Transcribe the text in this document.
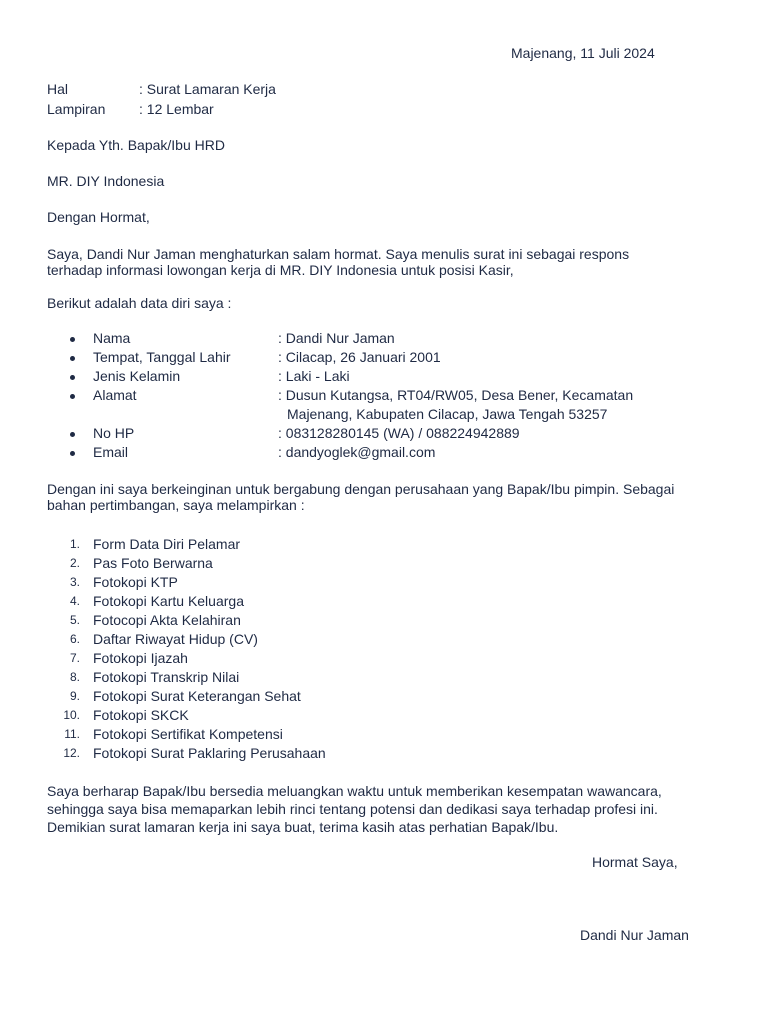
Majenang, 11 Juli 2024
Hal	: Surat Lamaran Kerja
Lampiran : 12 Lembar
Kepada Yth. Bapak/Ibu HRD
MR. DIY Indonesia
Dengan Hormat,
Saya, Dandi Nur Jaman menghaturkan salam hormat. Saya menulis surat ini sebagai respons
terhadap informasi lowongan kerja di MR. DIY Indonesia untuk posisi Kasir,
Berikut adalah data diri saya :
Nama	: Dandi Nur Jaman
Tempat, Tanggal Lahir	: Cilacap, 26 Januari 2001
Jenis Kelamin	: Laki - Laki
Alamat	: Dusun Kutangsa, RT04/RW05, Desa Bener, Kecamatan
Majenang, Kabupaten Cilacap, Jawa Tengah 53257
No HP	: 083128280145 (WA) / 088224942889
Email	: dandyoglek@gmail.com
Dengan ini saya berkeinginan untuk bergabung dengan perusahaan yang Bapak/Ibu pimpin. Sebagai
bahan pertimbangan, saya melampirkan :
1. Form Data Diri Pelamar
2. Pas Foto Berwarna
3. Fotokopi KTP
4. Fotokopi Kartu Keluarga
5. Fotocopi Akta Kelahiran
6. Daftar Riwayat Hidup (CV)
7. Fotokopi Ijazah
8. Fotokopi Transkrip Nilai
9. Fotokopi Surat Keterangan Sehat
10. Fotokopi SKCK
11. Fotokopi Sertifikat Kompetensi
12. Fotokopi Surat Paklaring Perusahaan
Saya berharap Bapak/Ibu bersedia meluangkan waktu untuk memberikan kesempatan wawancara,
sehingga saya bisa memaparkan lebih rinci tentang potensi dan dedikasi saya terhadap profesi ini.
Demikian surat lamaran kerja ini saya buat, terima kasih atas perhatian Bapak/Ibu.
Hormat Saya,
Dandi Nur Jaman
